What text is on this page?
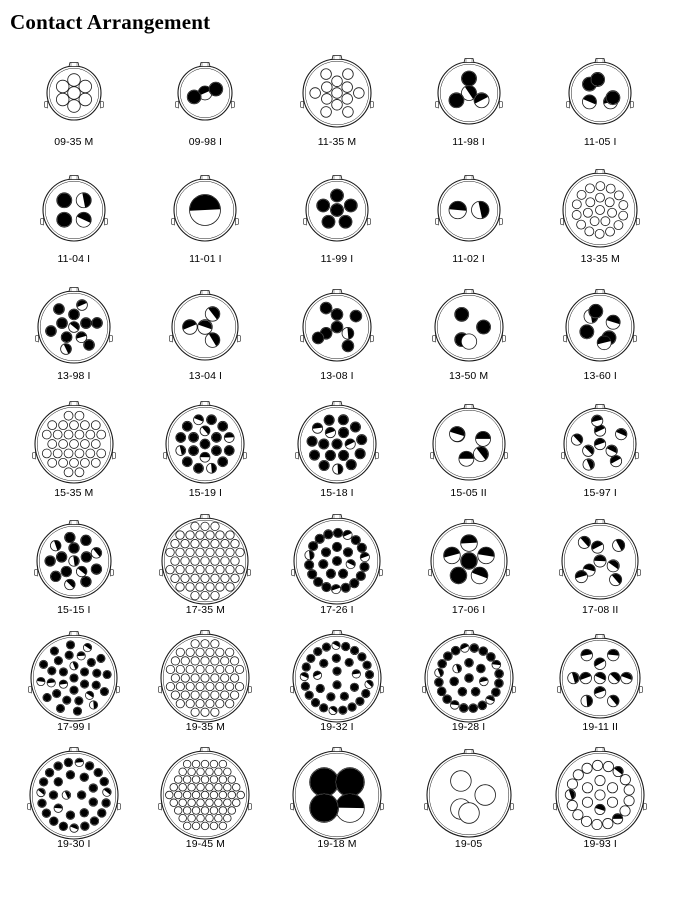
Contact Arrangement
09-35 M	09-98 I	11-35 M	11-98 I	11-05 I
11-04 I	11-01 I	11-99 I	11-02 I	13-35 M
13-98 I	13-04 I	13-08 I	13-50 M	13-60 I
15-35 M	15-19 I	15-18 I	15-05 II	15-97 I
15-15 I	17-35 M	17-26 I	17-06 I	17-08 II
17-99 I	19-35 M	19-32 I	19-28 I	19-11 II
19-30 I	19-45 M	19-18 M	19-05	19-93 I
